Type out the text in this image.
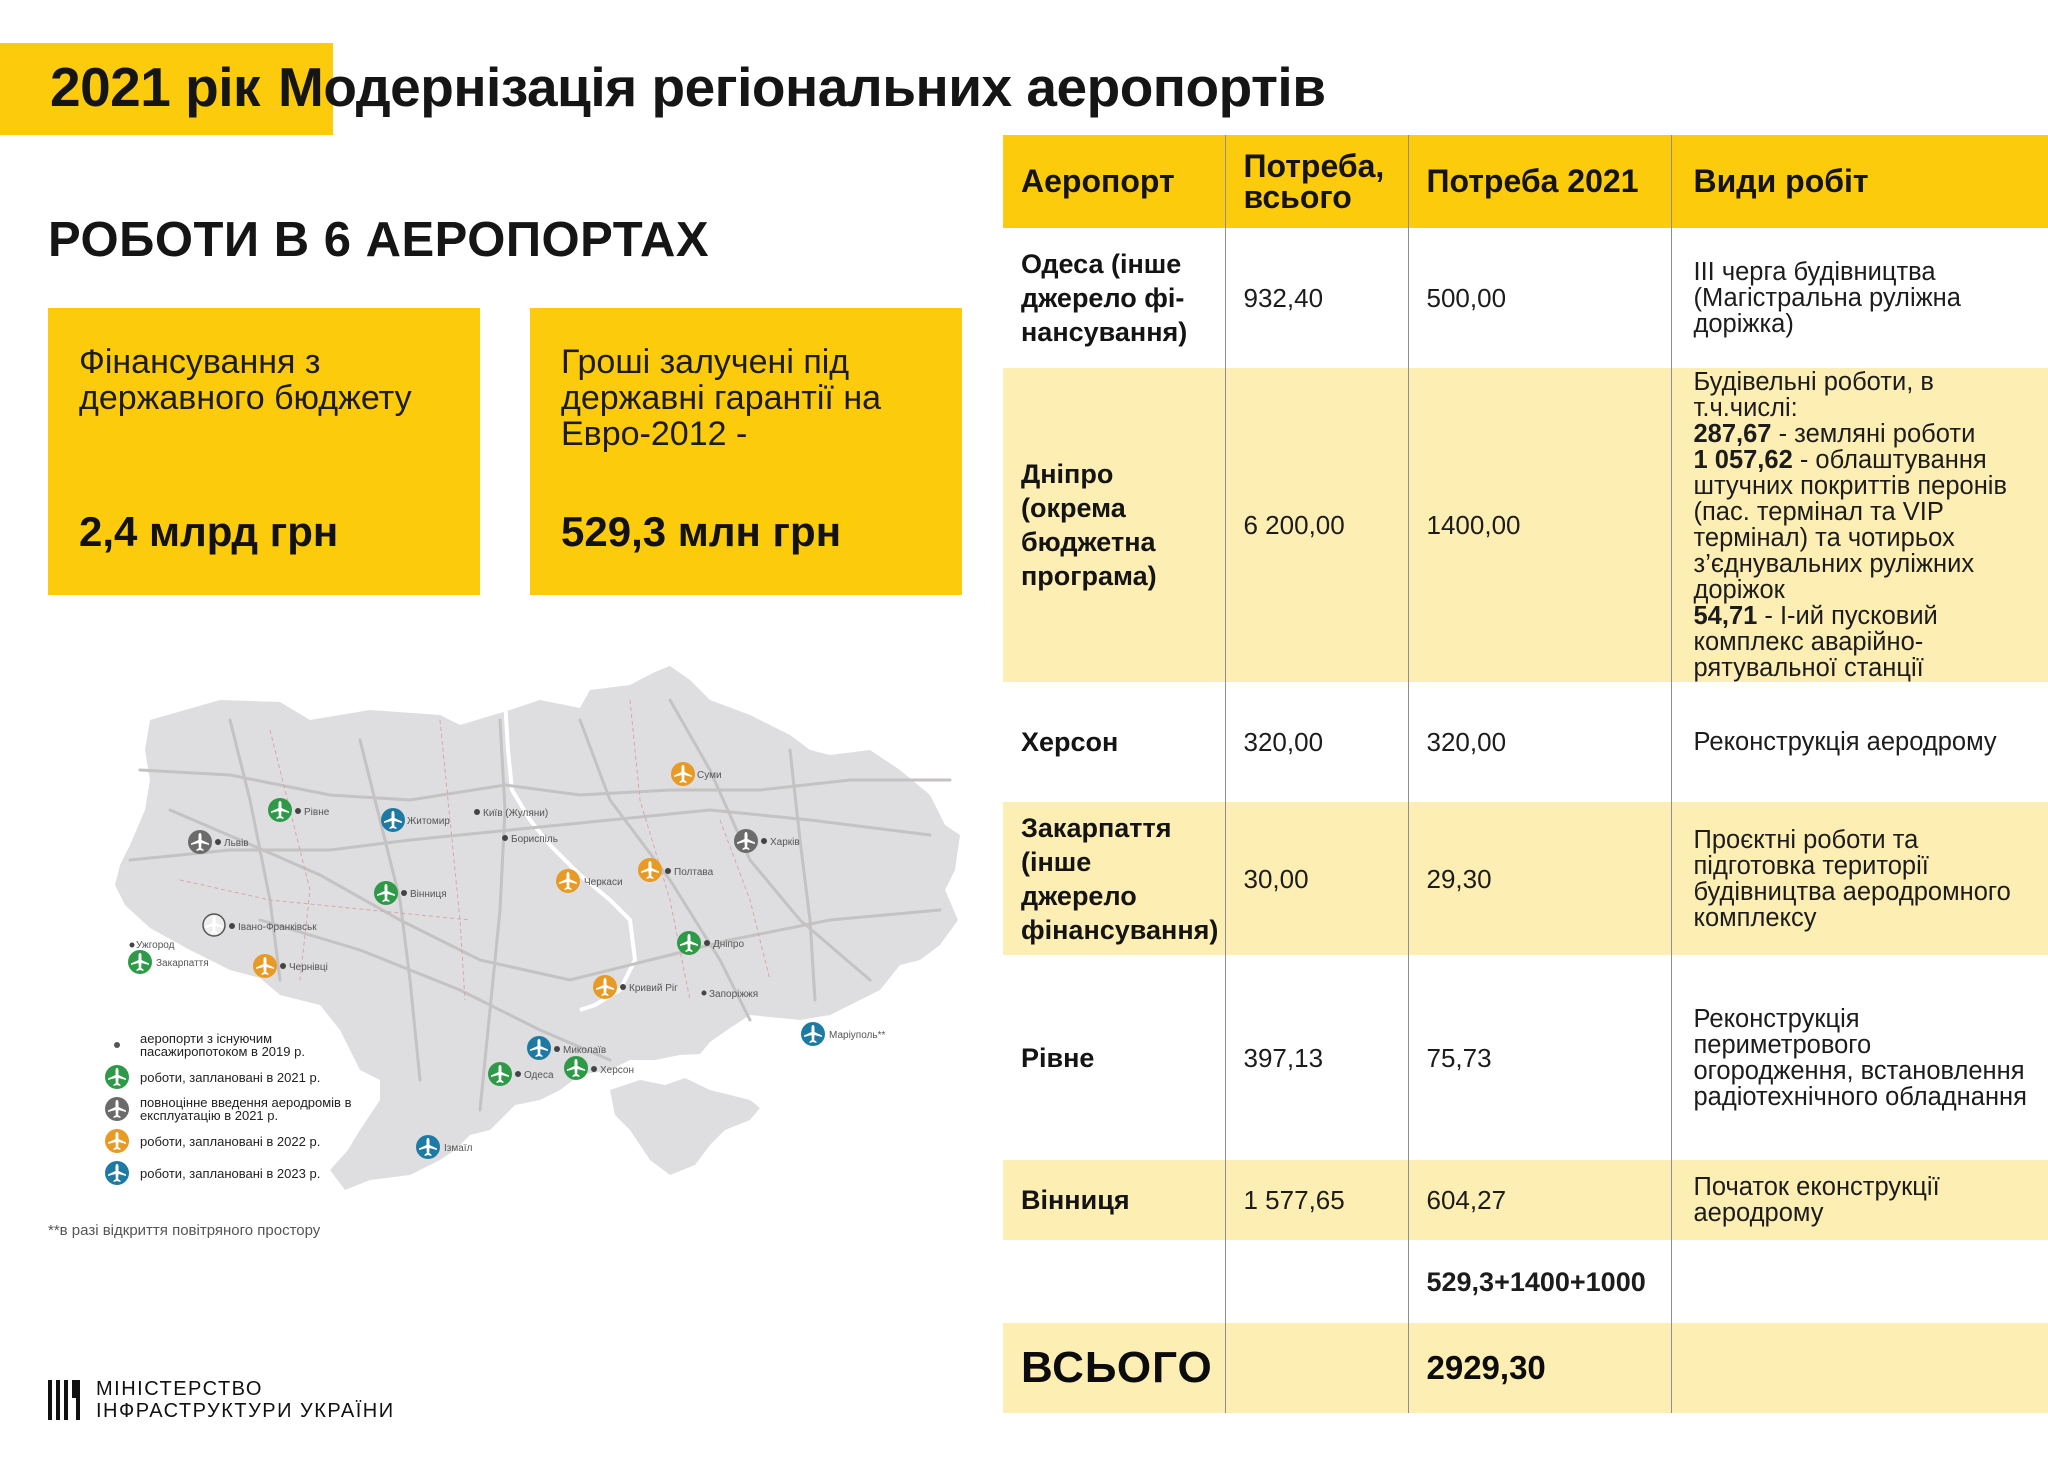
2021 рік Модернізація регіональних аеропортів
РОБОТИ В 6 АЕРОПОРТАХ
Фінансування з державного бюджету
2,4 млрд грн
Гроші залучені під державні гарантії на Евро-2012 -
529,3 млн грн
Рівне
Житомир
Київ (Жуляни)
Бориспіль
Суми
Львів	Харків
Полтава
Черкаси
Вінниця
Івано-Франківськ
Ужгород
Закарпаття	Чернівці
Дніпро
Кривий Ріг
Запоріжжя
Маріуполь**
Миколаїв
Одеса	Херсон
Ізмаїл
аеропорти з існуючим пасажиропотоком в 2019 р.
роботи, заплановані в 2021 р.
повноцінне введення аеродромів в експлуатацію в 2021 р.
роботи, заплановані в 2022 р.
роботи, заплановані в 2023 р.
**в разі відкриття повітряного простору
МІНІСТЕРСТВО
ІНФРАСТРУКТУРИ УКРАЇНИ
Аеропорт	Потреба, всього	Потреба 2021	Види робіт
Одеса (інше джерело фі-нансування)	932,40	500,00	III черга будівництва (Магістральна руліжна доріжка)
Дніпро (окрема бюджетна програма)	6 200,00	1400,00	Будівельні роботи, в т.ч.числі:
287,67 - земляні роботи
1 057,62 - облаштування штучних покриттів перонів (пас. термінал та VIP термінал) та чотирьох з’єднувальних руліжних доріжок
54,71 - І-ий пусковий комплекс аварійно-рятувальної станції
Херсон	320,00	320,00	Реконструкція аеродрому
Закарпаття (інше джерело фінансування)	30,00	29,30	Проєктні роботи та підготовка території будівництва аеродромного комплексу
Рівне	397,13	75,73	Реконструкція периметрового огородження, встановлення радіотехнічного обладнання
Вінниця	1 577,65	604,27	Початок еконструкції аеродрому
		529,3+1400+1000	
ВСЬОГО		2929,30	
